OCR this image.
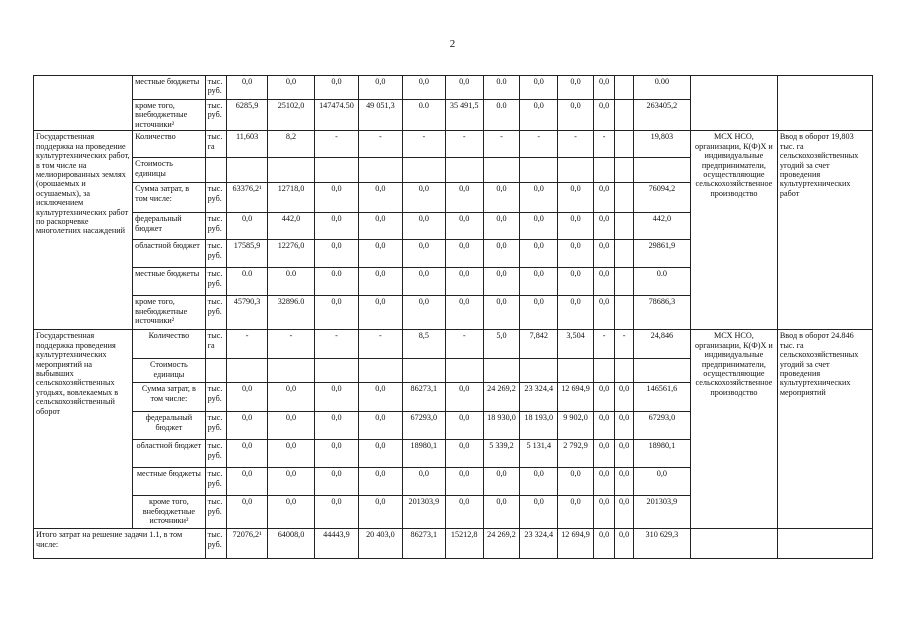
2
	местные бюджеты	тыс. руб.	0,0	0,0	0,0	0,0	0,0	0,0	0.0	0,0	0,0	0,0		0.00		
	кроме того, внебюджетные источники²	тыс. руб.	6285,9	25102,0	147474.50	49 051,3	0.0	35 491,5	0.0	0,0	0,0	0,0		263405,2		
Государственная поддержка на проведение культуртехнических работ, в том числе на мелиорированных землях (орошаемых и осушаемых), за исключением культуртехнических работ по раскорчевке многолетних насаждений	Количество	тыс. га	11,603	8,2	-	-	-	-	-	-	-	-		19,803	МСХ НСО, организации, К(Ф)Х и индивидуальные предприниматели, осуществляющие сельскохозяйственное производство	Ввод в оборот 19,803 тыс. га сельскохозяйственных угодий за счет проведения культуртехнических работ
	Стоимость единицы															
	Сумма затрат, в том числе:	тыс. руб.	63376,2¹	12718,0	0,0	0,0	0,0	0,0	0,0	0,0	0,0	0,0		76094,2		
	федеральный бюджет	тыс. руб.	0,0	442,0	0,0	0,0	0,0	0,0	0,0	0,0	0,0	0,0		442,0		
	областной бюджет	тыс. руб.	17585,9	12276,0	0,0	0,0	0,0	0,0	0,0	0,0	0,0	0,0		29861,9		
	местные бюджеты	тыс. руб.	0.0	0.0	0.0	0,0	0,0	0,0	0,0	0,0	0,0	0,0		0.0		
	кроме того, внебюджетные источники²	тыс. руб.	45790,3	32896.0	0,0	0,0	0,0	0,0	0,0	0,0	0,0	0,0		78686,3		
Государственная поддержка проведения культуртехнических мероприятий на выбывших сельскохозяйственных угодьях, вовлекаемых в сельскохозяйственный оборот	Количество	тыс. га	-	-	-	-	8,5	-	5,0	7,842	3,504	-	-	24,846	МСХ НСО, организации, К(Ф)Х и индивидуальные предприниматели, осуществляющие сельскохозяйственное производство	Ввод в оборот 24.846 тыс. га сельскохозяйственных угодий за счет проведения культуртехнических мероприятий
	Стоимость единицы															
	Сумма затрат, в том числе:	тыс. руб.	0,0	0,0	0,0	0,0	86273,1	0,0	24 269,2	23 324,4	12 694,9	0,0	0,0	146561,6		
	федеральный бюджет	тыс. руб.	0,0	0,0	0,0	0,0	67293,0	0,0	18 930,0	18 193,0	9 902,0	0,0	0,0	67293,0		
	областной бюджет	тыс. руб.	0,0	0,0	0,0	0,0	18980,1	0,0	5 339,2	5 131,4	2 792,9	0,0	0,0	18980,1		
	местные бюджеты	тыс. руб.	0,0	0,0	0,0	0,0	0,0	0,0	0,0	0,0	0,0	0,0	0,0	0,0		
	кроме того, внебюджетные источники²	тыс. руб.	0,0	0,0	0,0	0,0	201303,9	0,0	0,0	0,0	0,0	0,0	0,0	201303,9		
Итого затрат на решение задачи 1.1, в том числе:		тыс. руб.	72076,2¹	64008,0	44443,9	20 403,0	86273,1	15212,8	24 269,2	23 324,4	12 694,9	0,0	0,0	310 629,3		
